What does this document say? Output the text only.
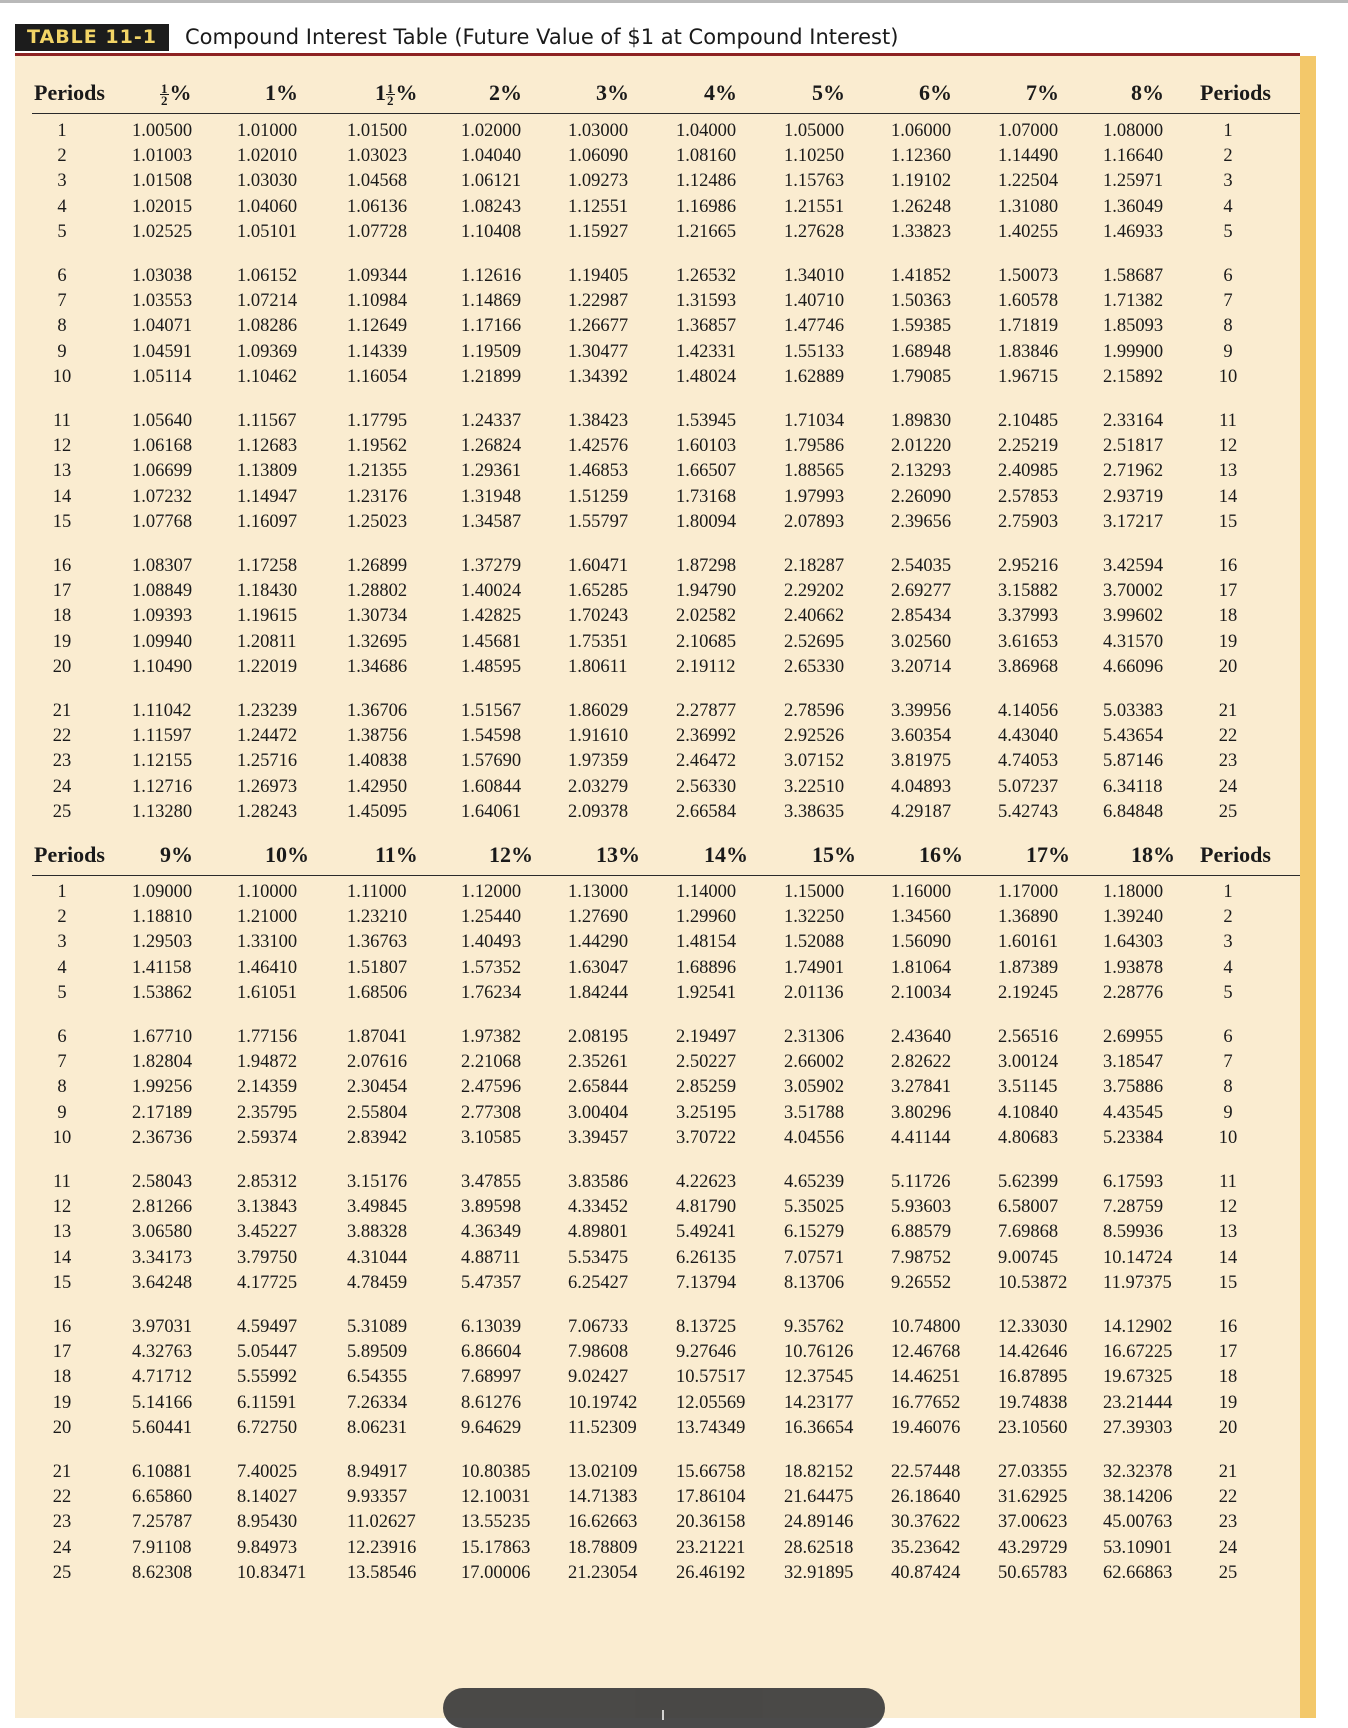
TABLE 11-1	Compound Interest Table (Future Value of $1 at Compound Interest)
Periods	$\frac{1}{2}$ %	1%	$1 \frac{1}{2}$ %	2%	3%	4%	5%	6%	7%	8% Periods
1	1.00500 1.01000	1.01500	1.02000	1.03000	1.04000	1.05000	1.06000	1.07000 1.08000	1
2	1.01003 1.02010	1.03023	1.04040	1.06090	1.08160	1.10250	1.12360	1.14490 1.16640	2
3	1.01508 1.03030	1.04568	1.06121	1.09273	1.12486	1.15763	1.19102	1.22504 1.25971	3
4	1.02015 1.04060	1.06136	1.08243	1.12551	1.16986	1.21551	1.26248	1.31080 1.36049	4
5	1.02525 1.05101	1.07728	1.10408	1.15927	1.21665	1.27628	1.33823	1.40255 1.46933	5
6	1.03038 1.06152	1.09344	1.12616	1.19405	1.26532	1.34010	1.41852	1.50073 1.58687	6
7	1.03553 1.07214	1.10984	1.14869	1.22987	1.31593	1.40710	1.50363	1.60578 1.71382	7
8	1.04071 1.08286	1.12649	1.17166	1.26677	1.36857	1.47746	1.59385	1.71819 1.85093	8
9	1.04591 1.09369	1.14339	1.19509	1.30477	1.42331	1.55133	1.68948	1.83846 1.99900	9
10	1.05114 1.10462	1.16054	1.21899	1.34392	1.48024	1.62889	1.79085	1.96715 2.15892	10
11	1.05640 1.11567	1.17795	1.24337	1.38423	1.53945	1.71034	1.89830	2.10485 2.33164	11
12	1.06168 1.12683	1.19562	1.26824	1.42576	1.60103	1.79586	2.01220	2.25219 2.51817	12
13	1.06699 1.13809	1.21355	1.29361	1.46853	1.66507	1.88565	2.13293	2.40985 2.71962	13
14	1.07232 1.14947	1.23176	1.31948	1.51259	1.73168	1.97993	2.26090	2.57853 2.93719	14
15	1.07768 1.16097	1.25023	1.34587	1.55797	1.80094	2.07893	2.39656	2.75903 3.17217	15
16	1.08307 1.17258	1.26899	1.37279	1.60471	1.87298	2.18287	2.54035	2.95216 3.42594	16
17	1.08849 1.18430	1.28802	1.40024	1.65285	1.94790	2.29202	2.69277	3.15882 3.70002	17
18	1.09393 1.19615	1.30734	1.42825	1.70243	2.02582	2.40662	2.85434	3.37993 3.99602	18
19	1.09940 1.20811	1.32695	1.45681	1.75351	2.10685	2.52695	3.02560	3.61653 4.31570	19
20	1.10490 1.22019	1.34686	1.48595	1.80611	2.19112	2.65330	3.20714	3.86968 4.66096	20
21	1.11042 1.23239	1.36706	1.51567	1.86029	2.27877	2.78596	3.39956	4.14056 5.03383	21
22	1.11597 1.24472	1.38756	1.54598	1.91610	2.36992	2.92526	3.60354	4.43040 5.43654	22
23	1.12155 1.25716	1.40838	1.57690	1.97359	2.46472	3.07152	3.81975	4.74053 5.87146	23
24	1.12716 1.26973	1.42950	1.60844	2.03279	2.56330	3.22510	4.04893	5.07237 6.34118	24
25	1.13280 1.28243	1.45095	1.64061	2.09378	2.66584	3.38635	4.29187	5.42743 6.84848	25
Periods	9%	10%	11%	12%	13%	14%	15%	16%	17%	18% Periods
1	1.09000 1.10000	1.11000	1.12000	1.13000	1.14000	1.15000	1.16000	1.17000 1.18000	1
2	1.18810 1.21000	1.23210	1.25440	1.27690	1.29960	1.32250	1.34560	1.36890 1.39240	2
3	1.29503 1.33100	1.36763	1.40493	1.44290	1.48154	1.52088	1.56090	1.60161 1.64303	3
4	1.41158 1.46410	1.51807	1.57352	1.63047	1.68896	1.74901	1.81064	1.87389 1.93878	4
5	1.53862 1.61051	1.68506	1.76234	1.84244	1.92541	2.01136	2.10034	2.19245 2.28776	5
6	1.67710 1.77156	1.87041	1.97382	2.08195	2.19497	2.31306	2.43640	2.56516 2.69955	6
7	1.82804 1.94872	2.07616	2.21068	2.35261	2.50227	2.66002	2.82622	3.00124 3.18547	7
8	1.99256 2.14359	2.30454	2.47596	2.65844	2.85259	3.05902	3.27841	3.51145 3.75886	8
9	2.17189 2.35795	2.55804	2.77308	3.00404	3.25195	3.51788	3.80296	4.10840 4.43545	9
10	2.36736 2.59374	2.83942	3.10585	3.39457	3.70722	4.04556	4.41144	4.80683 5.23384	10
11	2.58043 2.85312	3.15176	3.47855	3.83586	4.22623	4.65239	5.11726	5.62399 6.17593	11
12	2.81266 3.13843	3.49845	3.89598	4.33452	4.81790	5.35025	5.93603	6.58007 7.28759	12
13	3.06580 3.45227	3.88328	4.36349	4.89801	5.49241	6.15279	6.88579	7.69868 8.59936	13
14	3.34173 3.79750	4.31044	4.88711	5.53475	6.26135	7.07571	7.98752	9.00745 10.14724	14
15	3.64248 4.17725	4.78459	5.47357	6.25427	7.13794	8.13706	9.26552	10.53872 11.97375	15
16	3.97031 4.59497	5.31089	6.13039	7.06733	8.13725	9.35762	10.74800 12.33030 14.12902	16
17	4.32763 5.05447	5.89509	6.86604	7.98608	9.27646	10.76126 12.46768 14.42646 16.67225	17
18	4.71712 5.55992	6.54355	7.68997	9.02427	10.57517 12.37545 14.46251 16.87895 19.67325	18
19	5.14166 6.11591	7.26334	8.61276	10.19742 12.05569 14.23177 16.77652 19.74838 23.21444	19
20	5.60441 6.72750	8.06231	9.64629	11.52309 13.74349 16.36654 19.46076 23.10560 27.39303	20
21	6.10881 7.40025	8.94917	10.80385 13.02109 15.66758 18.82152 22.57448 27.03355 32.32378	21
22	6.65860 8.14027	9.93357	12.10031 14.71383 17.86104 21.64475 26.18640 31.62925 38.14206	22
23	7.25787 8.95430	11.02627 13.55235 16.62663 20.36158 24.89146 30.37622 37.00623 45.00763	23
24	7.91108 9.84973	12.23916 15.17863 18.78809 23.21221 28.62518 35.23642 43.29729 53.10901	24
25	8.62308 10.83471 13.58546 17.00006 21.23054 26.46192 32.91895 40.87424 50.65783 62.66863	25
